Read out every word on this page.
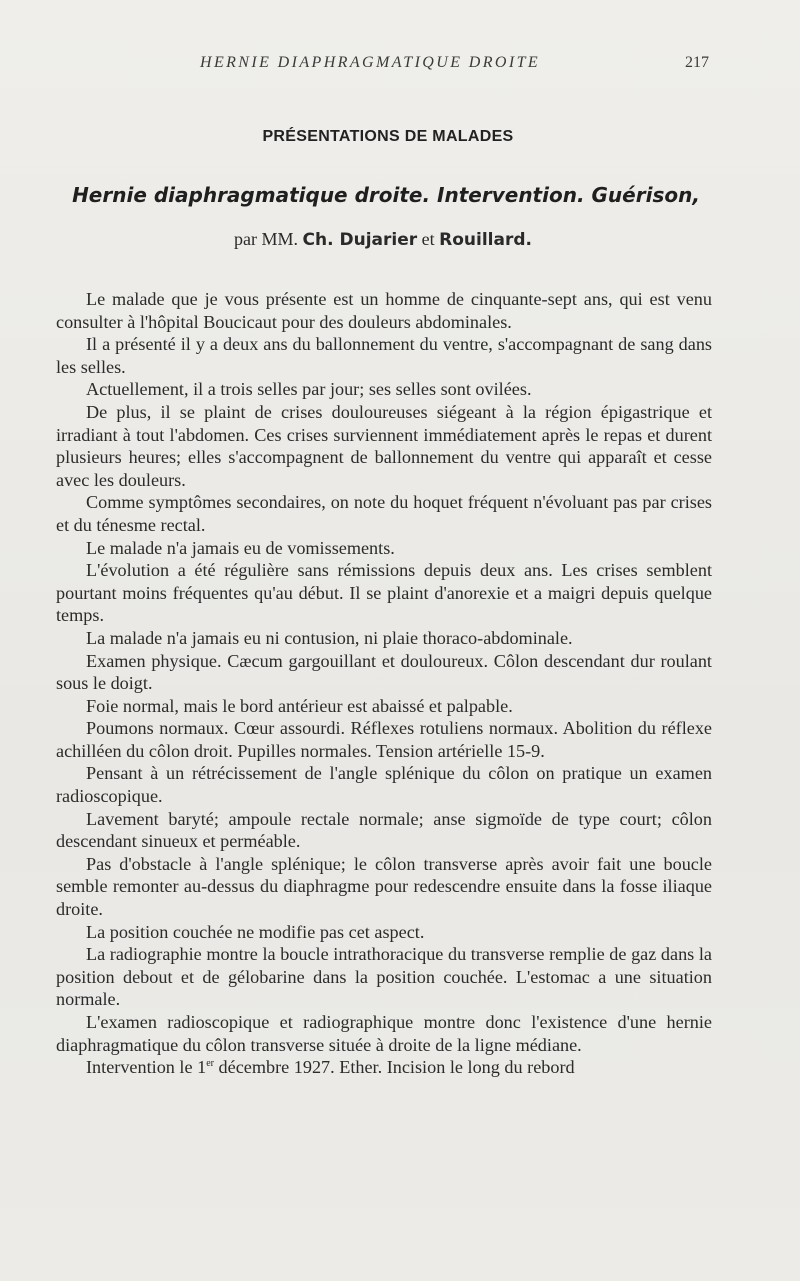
HERNIE DIAPHRAGMATIQUE DROITE	217
PRÉSENTATIONS DE MALADES
Hernie diaphragmatique droite. Intervention. Guérison,
par MM. Ch. Dujarier et Rouillard.

Le malade que je vous présente est un homme de cinquante-sept ans, qui est venu consulter à l'hôpital Boucicaut pour des douleurs abdominales.

Il a présenté il y a deux ans du ballonnement du ventre, s'accompagnant de sang dans les selles.

Actuellement, il a trois selles par jour; ses selles sont ovilées.

De plus, il se plaint de crises douloureuses siégeant à la région épigastrique et irradiant à tout l'abdomen. Ces crises surviennent immédiatement après le repas et durent plusieurs heures; elles s'accompagnent de ballonnement du ventre qui apparaît et cesse avec les douleurs.

Comme symptômes secondaires, on note du hoquet fréquent n'évoluant pas par crises et du ténesme rectal.

Le malade n'a jamais eu de vomissements.

L'évolution a été régulière sans rémissions depuis deux ans. Les crises semblent pourtant moins fréquentes qu'au début. Il se plaint d'anorexie et a maigri depuis quelque temps.

La malade n'a jamais eu ni contusion, ni plaie thoraco-abdominale.

Examen physique. Cæcum gargouillant et douloureux. Côlon descendant dur roulant sous le doigt.

Foie normal, mais le bord antérieur est abaissé et palpable.

Poumons normaux. Cœur assourdi. Réflexes rotuliens normaux. Abolition du réflexe achilléen du côlon droit. Pupilles normales. Tension artérielle 15-9.

Pensant à un rétrécissement de l'angle splénique du côlon on pratique un examen radioscopique.

Lavement baryté; ampoule rectale normale; anse sigmoïde de type court; côlon descendant sinueux et perméable.

Pas d'obstacle à l'angle splénique; le côlon transverse après avoir fait une boucle semble remonter au-dessus du diaphragme pour redescendre ensuite dans la fosse iliaque droite.

La position couchée ne modifie pas cet aspect.

La radiographie montre la boucle intrathoracique du transverse remplie de gaz dans la position debout et de gélobarine dans la position couchée. L'estomac a une situation normale.

L'examen radioscopique et radiographique montre donc l'existence d'une hernie diaphragmatique du côlon transverse située à droite de la ligne médiane.

Intervention le 1er décembre 1927. Ether. Incision le long du rebord
